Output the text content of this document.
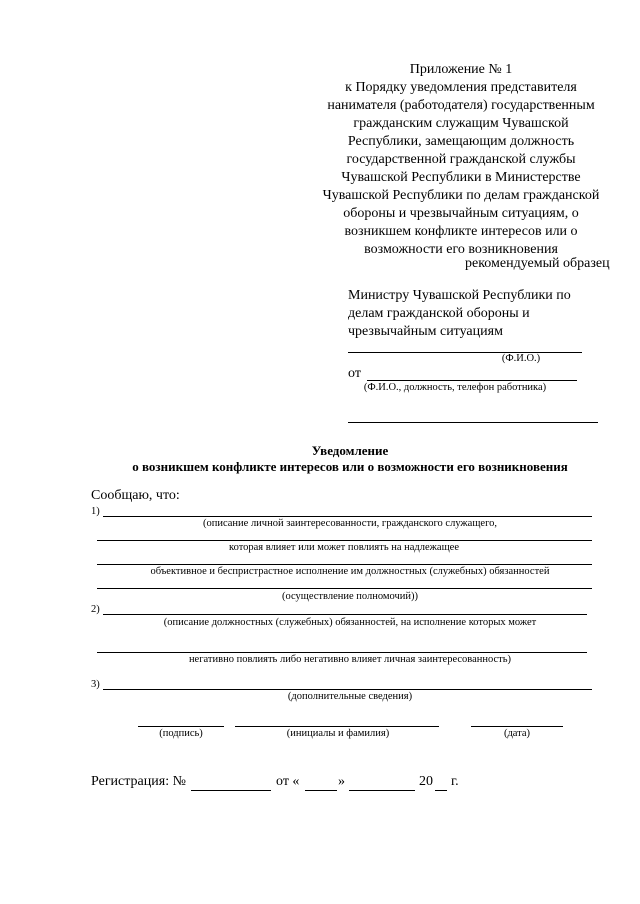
Приложение № 1
к Порядку уведомления представителя
нанимателя (работодателя) государственным
гражданским служащим Чувашской
Республики, замещающим должность
государственной гражданской службы
Чувашской Республики в Министерстве
Чувашской Республики по делам гражданской
обороны и чрезвычайным ситуациям, о
возникшем конфликте интересов или о
возможности его возникновения
рекомендуемый образец
Министру Чувашской Республики по
делам гражданской обороны и
чрезвычайным ситуациям
(Ф.И.О.)
от
(Ф.И.О., должность, телефон работника)
Уведомление
о возникшем конфликте интересов или о возможности его возникновения
Сообщаю, что:
1)
(описание личной заинтересованности, гражданского служащего,
которая влияет или может повлиять на надлежащее
объективное и беспристрастное исполнение им должностных (служебных) обязанностей
(осуществление полномочий))
2)
(описание должностных (служебных) обязанностей, на исполнение которых может
негативно повлиять либо негативно влияет личная заинтересованность)
3)
(дополнительные сведения)
(подпись)	(инициалы и фамилия)	(дата)
Регистрация: №	от «	»	20 г.
